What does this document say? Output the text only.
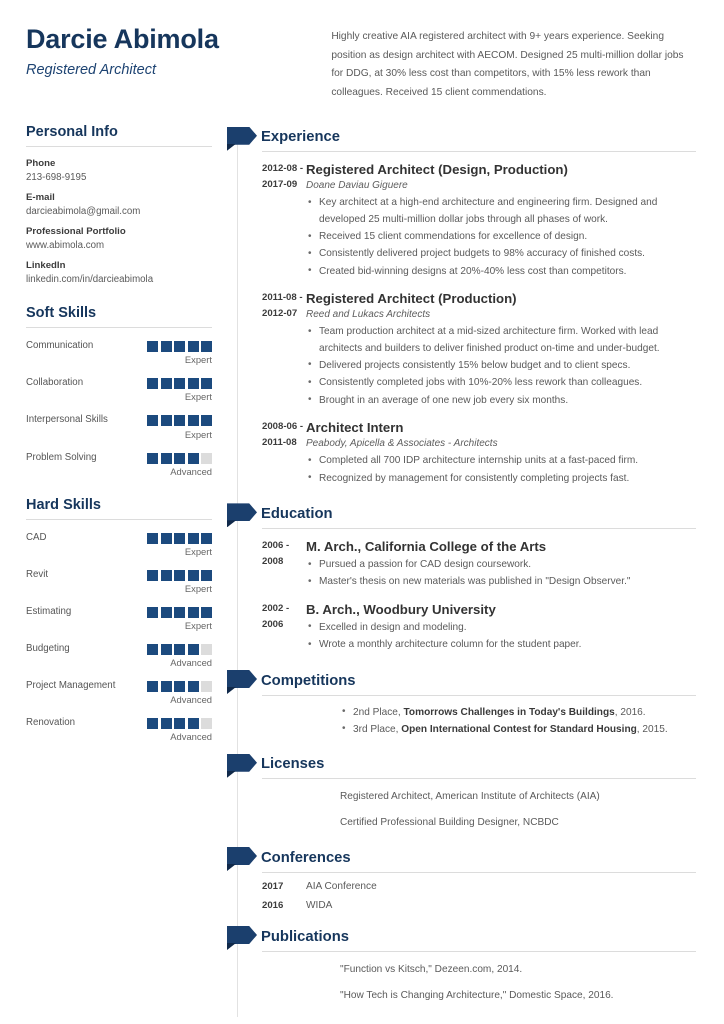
Darcie Abimola
Registered Architect
Highly creative AIA registered architect with 9+ years experience. Seeking position as design architect with AECOM. Designed 25 multi-million dollar jobs for DDG, at 30% less cost than competitors, with 15% less rework than colleagues. Received 15 client commendations.
Personal Info
Phone
213-698-9195
E-mail
darcieabimola@gmail.com
Professional Portfolio
www.abimola.com
LinkedIn
linkedin.com/in/darcieabimola
Soft Skills
Communication
Expert
Collaboration
Expert
Interpersonal Skills
Expert
Problem Solving
Advanced
Hard Skills
CAD
Expert
Revit
Expert
Estimating
Expert
Budgeting
Advanced
Project Management
Advanced
Renovation
Advanced
Experience
2012-08 -
2017-09
Registered Architect (Design, Production)
Doane Daviau Giguere
• Key architect at a high-end architecture and engineering firm. Designed and developed 25 multi-million dollar jobs through all phases of work.
• Received 15 client commendations for excellence of design.
• Consistently delivered project budgets to 98% accuracy of finished costs.
• Created bid-winning designs at 20%-40% less cost than competitors.
2011-08 -
2012-07
Registered Architect (Production)
Reed and Lukacs Architects
• Team production architect at a mid-sized architecture firm. Worked with lead architects and builders to deliver finished product on-time and under-budget.
• Delivered projects consistently 15% below budget and to client specs.
• Consistently completed jobs with 10%-20% less rework than colleagues.
• Brought in an average of one new job every six months.
2008-06 -
2011-08
Architect Intern
Peabody, Apicella & Associates - Architects
• Completed all 700 IDP architecture internship units at a fast-paced firm.
• Recognized by management for consistently completing projects fast.
Education
2006 -
2008
M. Arch., California College of the Arts
• Pursued a passion for CAD design coursework.
• Master's thesis on new materials was published in "Design Observer."
2002 -
2006
B. Arch., Woodbury University
• Excelled in design and modeling.
• Wrote a monthly architecture column for the student paper.
Competitions
• 2nd Place, Tomorrows Challenges in Today's Buildings, 2016.
• 3rd Place, Open International Contest for Standard Housing, 2015.
Licenses
Registered Architect, American Institute of Architects (AIA)
Certified Professional Building Designer, NCBDC
Conferences
2017	AIA Conference
2016	WIDA
Publications
"Function vs Kitsch," Dezeen.com, 2014.
"How Tech is Changing Architecture," Domestic Space, 2016.
